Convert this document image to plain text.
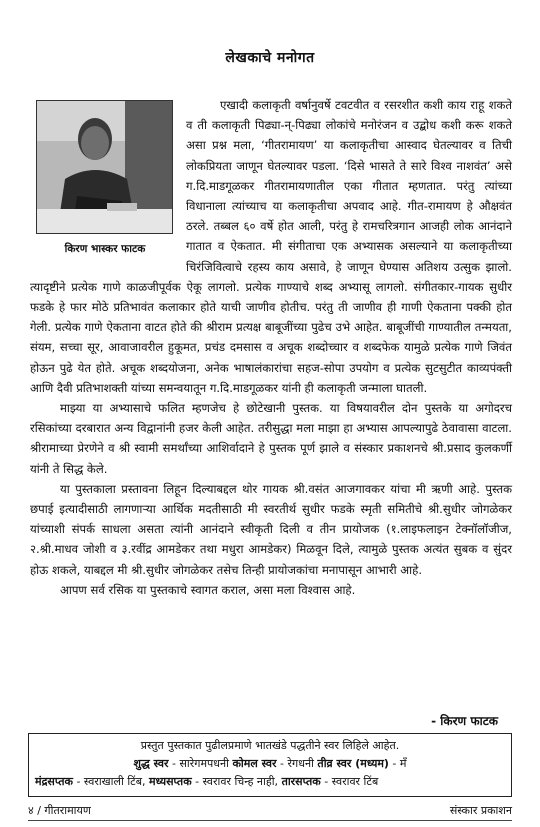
लेखकाचे मनोगत
किरण भास्कर फाटक

एखादी कलाकृती वर्षानुवर्षे टवटवीत व रसरशीत कशी काय राहू शकते व ती कलाकृती पिढ्या-न्-पिढ्या लोकांचे मनोरंजन व उद्बोध कशी करू शकते असा प्रश्न मला, ‘गीतरामायण’ या कलाकृतीचा आस्वाद घेतल्यावर व तिची लोकप्रियता जाणून घेतल्यावर पडला. ‘दिसे भासते ते सारे विश्व नाशवंत’ असे ग.दि.माडगूळकर गीतरामायणातील एका गीतात म्हणतात. परंतु त्यांच्या विधानाला त्यांच्याच या कलाकृतीचा अपवाद आहे. गीत-रामायण हे औक्षवंत ठरले. तब्बल ६० वर्षे होत आली, परंतु हे रामचरित्रगान आजही लोक आनंदाने गातात व ऐकतात. मी संगीताचा एक अभ्यासक असल्याने या कलाकृतीच्या चिरंजिवित्वाचे रहस्य काय असावे, हे जाणून घेण्यास अतिशय उत्सुक झालो. त्यादृष्टीने प्रत्येक गाणे काळजीपूर्वक ऐकू लागलो. प्रत्येक गाण्याचे शब्द अभ्यासू लागलो. संगीतकार-गायक सुधीर फडके हे फार मोठे प्रतिभावंत कलाकार होते याची जाणीव होतीच. परंतु ती जाणीव ही गाणी ऐकताना पक्की होत गेली. प्रत्येक गाणे ऐकताना वाटत होते की श्रीराम प्रत्यक्ष बाबूजींच्या पुढेच उभे आहेत. बाबूजींची गाण्यातील तन्मयता, संयम, सच्चा सूर, आवाजावरील हुकूमत, प्रचंड दमसास व अचूक शब्दोच्चार व शब्दफेक यामुळे प्रत्येक गाणे जिवंत होऊन पुढे येत होते. अचूक शब्दयोजना, अनेक भाषालंकारांचा सहज-सोपा उपयोग व प्रत्येक सुटसुटीत काव्यपंक्ती आणि दैवी प्रतिभाशक्ती यांच्या समन्वयातून ग.दि.माडगूळकर यांनी ही कलाकृती जन्माला घातली.

माझ्या या अभ्यासाचे फलित म्हणजेच हे छोटेखानी पुस्तक. या विषयावरील दोन पुस्तके या अगोदरच रसिकांच्या दरबारात अन्य विद्वानांनी हजर केली आहेत. तरीसुद्धा मला माझा हा अभ्यास आपल्यापुढे ठेवावासा वाटला. श्रीरामाच्या प्रेरणेने व श्री स्वामी समर्थांच्या आशिर्वादाने हे पुस्तक पूर्ण झाले व संस्कार प्रकाशनचे श्री.प्रसाद कुलकर्णी यांनी ते सिद्ध केले.

या पुस्तकाला प्रस्तावना लिहून दिल्याबद्दल थोर गायक श्री.वसंत आजगावकर यांचा मी ऋणी आहे. पुस्तक छपाई इत्यादीसाठी लागणाऱ्या आर्थिक मदतीसाठी मी स्वरतीर्थ सुधीर फडके स्मृती समितीचे श्री.सुधीर जोगळेकर यांच्याशी संपर्क साधला असता त्यांनी आनंदाने स्वीकृती दिली व तीन प्रायोजक (१.लाइफलाइन टेक्नॉलॉजीज, २.श्री.माधव जोशी व ३.रवींद्र आमडेकर तथा मधुरा आमडेकर) मिळवून दिले, त्यामुळे पुस्तक अत्यंत सुबक व सुंदर होऊ शकले, याबद्दल मी श्री.सुधीर जोगळेकर तसेच तिन्ही प्रायोजकांचा मनापासून आभारी आहे.

आपण सर्व रसिक या पुस्तकाचे स्वागत कराल, असा मला विश्वास आहे.

- किरण फाटक
प्रस्तुत पुस्तकात पुढीलप्रमाणे भातखंडे पद्धतीने स्वर लिहिले आहेत.
शुद्ध स्वर - सारेगमपधनी कोमल स्वर - रेगधनी तीव्र स्वर (मध्यम) - मँ
मंद्रसप्तक - स्वराखाली टिंब, मध्यसप्तक - स्वरावर चिन्ह नाही, तारसप्तक - स्वरावर टिंब
४ / गीतरामायण	संस्कार प्रकाशन
